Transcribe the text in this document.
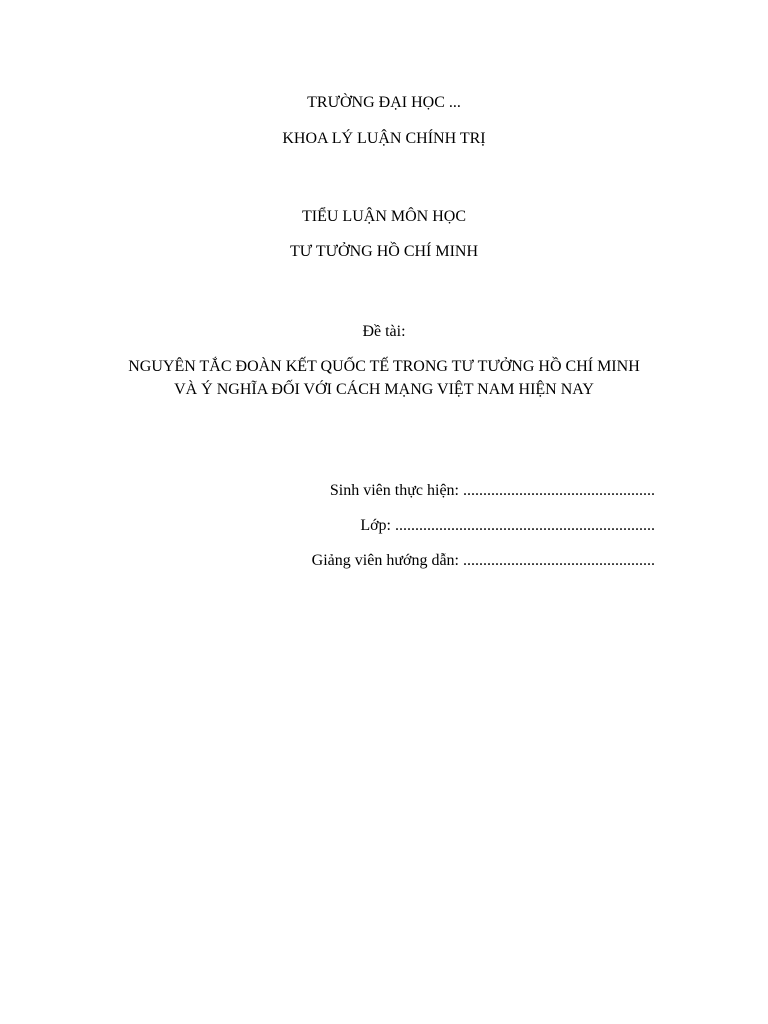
TRƯỜNG ĐẠI HỌC ...
KHOA LÝ LUẬN CHÍNH TRỊ
TIỂU LUẬN MÔN HỌC
TƯ TƯỞNG HỒ CHÍ MINH
Đề tài:
NGUYÊN TẮC ĐOÀN KẾT QUỐC TẾ TRONG TƯ TƯỞNG HỒ CHÍ MINH
VÀ Ý NGHĨA ĐỐI VỚI CÁCH MẠNG VIỆT NAM HIỆN NAY
Sinh viên thực hiện: ................................................
Lớp: .................................................................
Giảng viên hướng dẫn: ................................................
